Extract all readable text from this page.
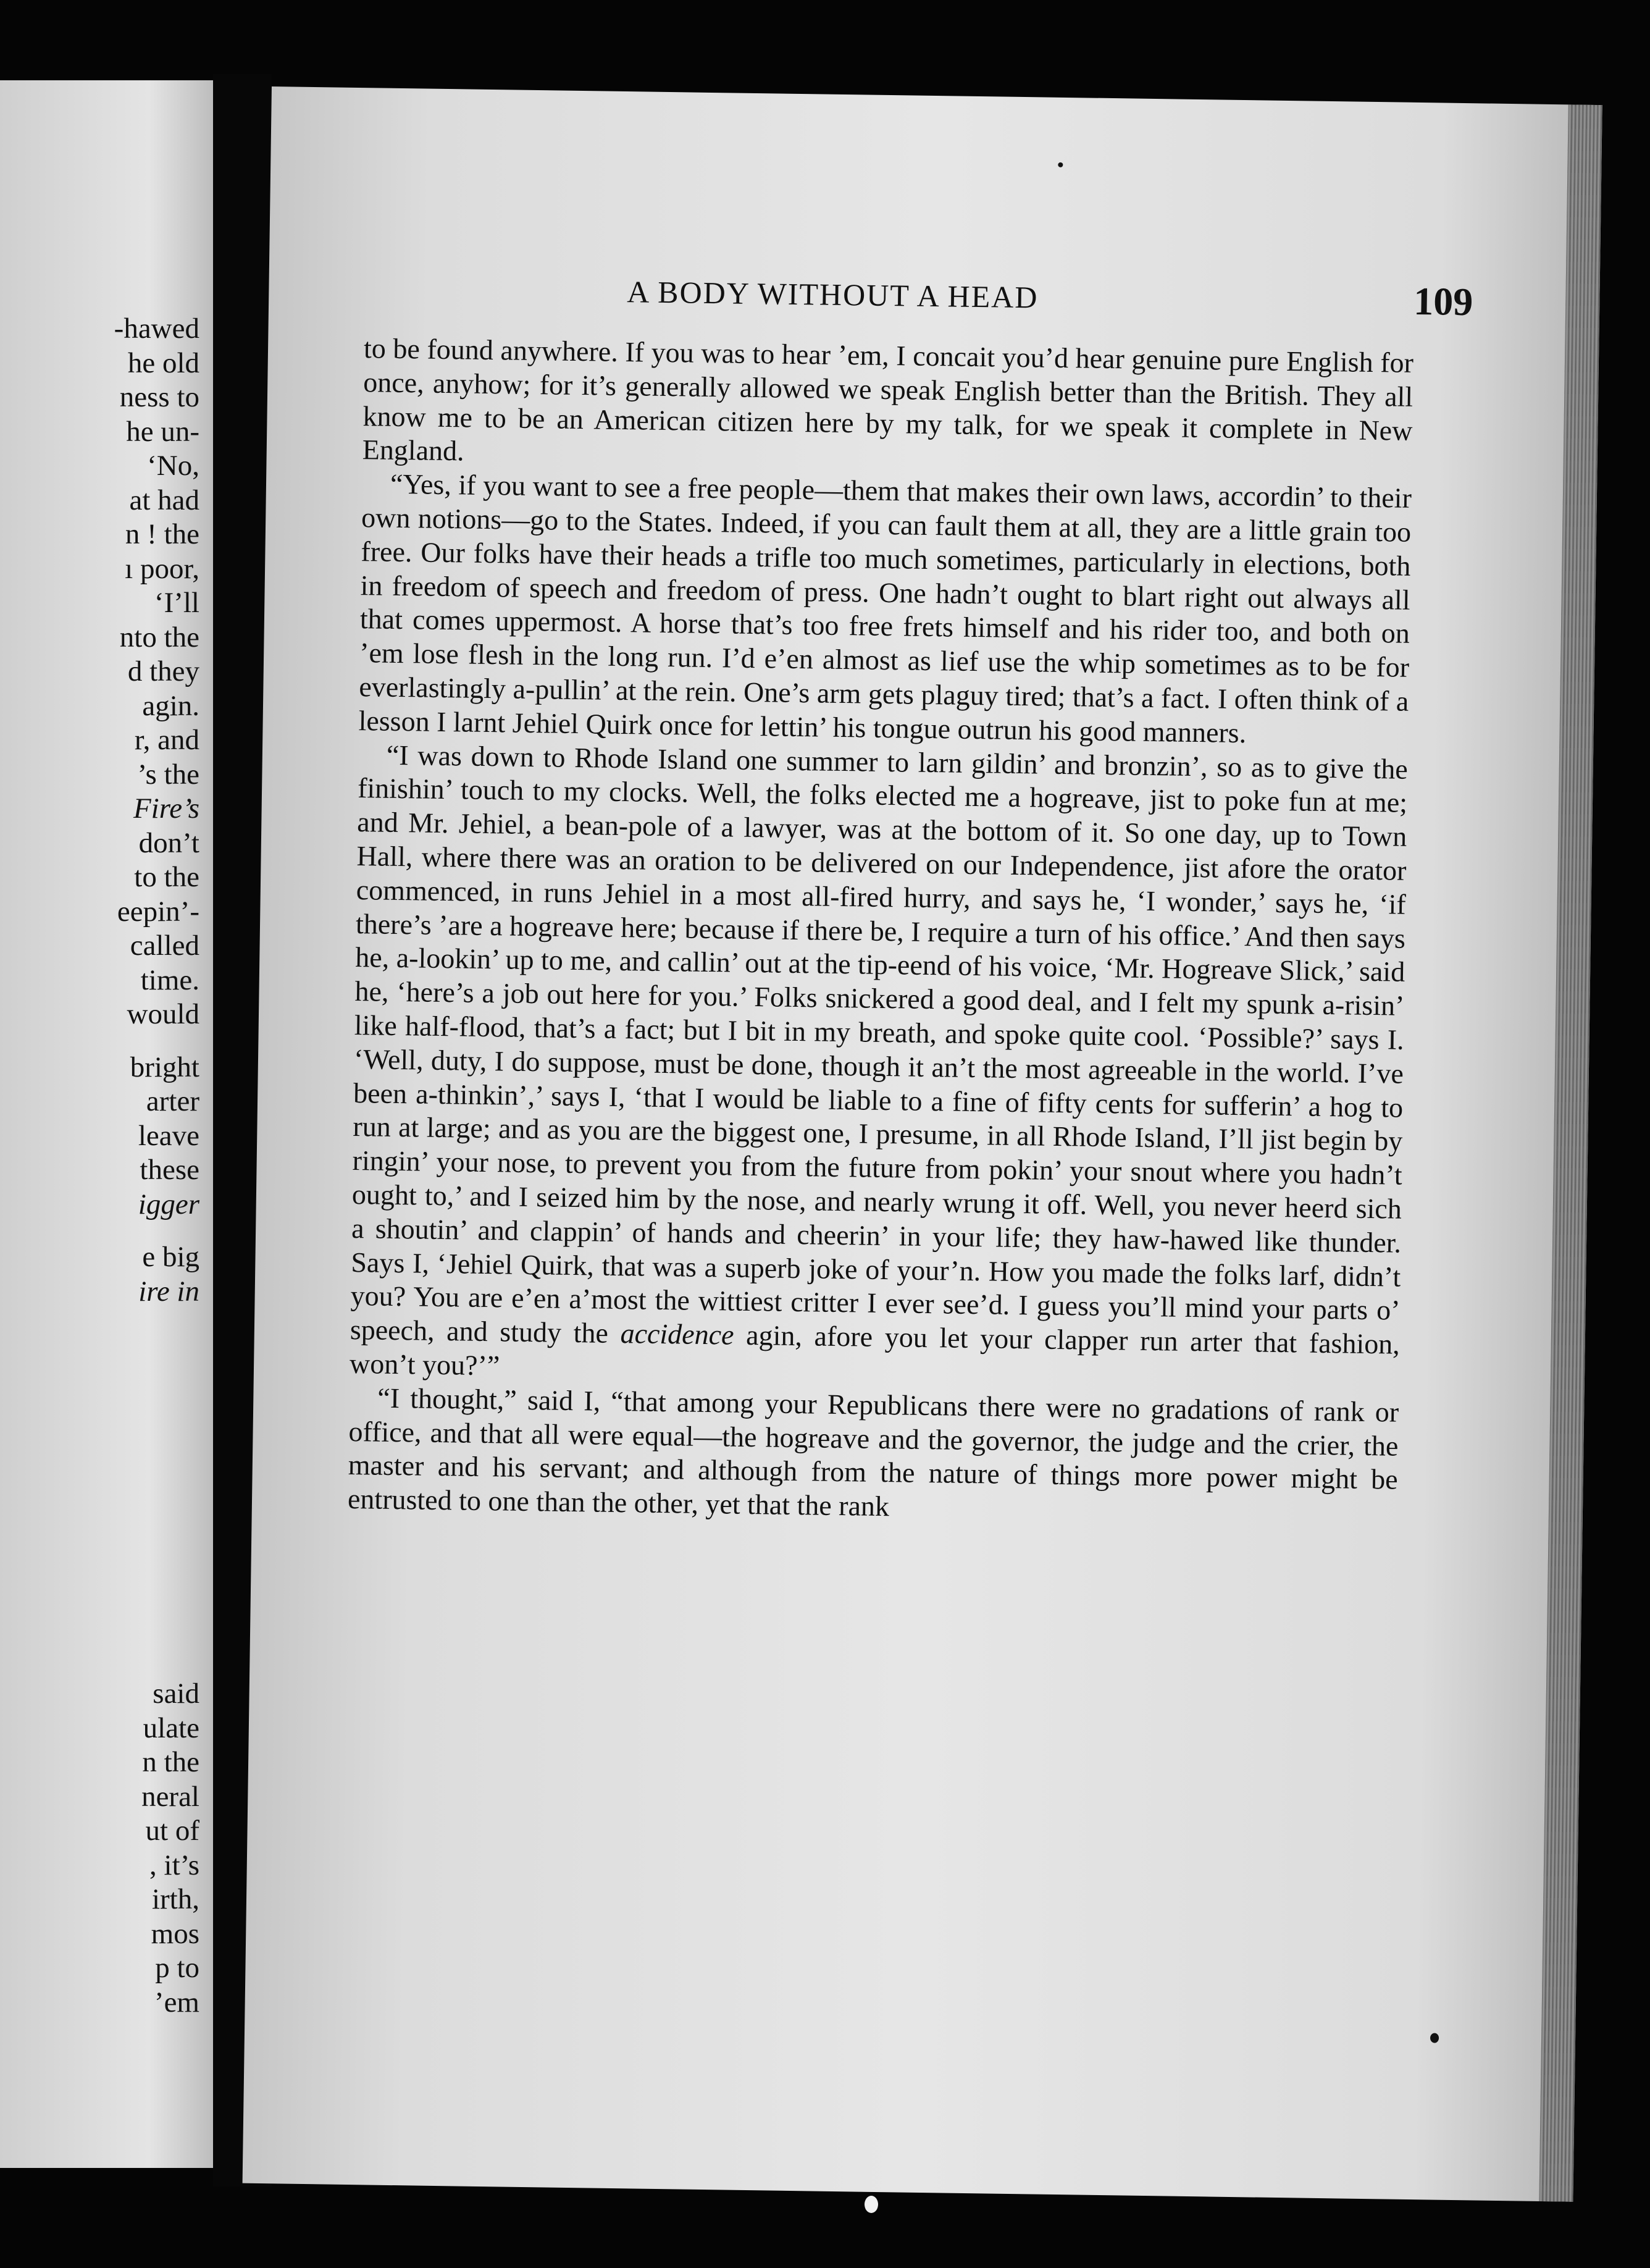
-hawed
he old
ness to
he un-
‘No,
at had
n ! the
ı poor,
‘I’ll
nto the
d they
agin.
r, and
’s the
Fire’s
don’t
to the
eepin’-
called
time.
would
bright
arter
leave
these
igger
e big
ire in
said
ulate
n the
neral
ut of
, it’s
irth,
mos
p to
’em
A BODY WITHOUT A HEAD	109

to be found anywhere. If you was to hear ’em, I concait you’d hear genuine pure English for once, anyhow; for it’s generally allowed we speak English better than the British. They all know me to be an American citizen here by my talk, for we speak it complete in New England.

“Yes, if you want to see a free people—them that makes their own laws, accordin’ to their own notions—go to the States. Indeed, if you can fault them at all, they are a little grain too free. Our folks have their heads a trifle too much sometimes, particularly in elections, both in freedom of speech and freedom of press. One hadn’t ought to blart right out always all that comes uppermost. A horse that’s too free frets himself and his rider too, and both on ’em lose flesh in the long run. I’d e’en almost as lief use the whip sometimes as to be for everlastingly a-pullin’ at the rein. One’s arm gets plaguy tired; that’s a fact. I often think of a lesson I larnt Jehiel Quirk once for lettin’ his tongue outrun his good manners.

“I was down to Rhode Island one summer to larn gildin’ and bronzin’, so as to give the finishin’ touch to my clocks. Well, the folks elected me a hogreave, jist to poke fun at me; and Mr. Jehiel, a bean-pole of a lawyer, was at the bottom of it. So one day, up to Town Hall, where there was an oration to be delivered on our Independence, jist afore the orator commenced, in runs Jehiel in a most all-fired hurry, and says he, ‘I wonder,’ says he, ‘if there’s ’are a hogreave here; because if there be, I require a turn of his office.’ And then says he, a-lookin’ up to me, and callin’ out at the tip-eend of his voice, ‘Mr. Hogreave Slick,’ said he, ‘here’s a job out here for you.’ Folks snickered a good deal, and I felt my spunk a-risin’ like half-flood, that’s a fact; but I bit in my breath, and spoke quite cool. ‘Possible?’ says I. ‘Well, duty, I do suppose, must be done, though it an’t the most agreeable in the world. I’ve been a-thinkin’,’ says I, ‘that I would be liable to a fine of fifty cents for sufferin’ a hog to run at large; and as you are the biggest one, I presume, in all Rhode Island, I’ll jist begin by ringin’ your nose, to prevent you from the future from pokin’ your snout where you hadn’t ought to,’ and I seized him by the nose, and nearly wrung it off. Well, you never heerd sich a shoutin’ and clappin’ of hands and cheerin’ in your life; they haw-hawed like thunder. Says I, ‘Jehiel Quirk, that was a superb joke of your’n. How you made the folks larf, didn’t you? You are e’en a’most the wittiest critter I ever see’d. I guess you’ll mind your parts o’ speech, and study the accidence agin, afore you let your clapper run arter that fashion, won’t you?’”

“I thought,” said I, “that among your Republicans there were no gradations of rank or office, and that all were equal—the hogreave and the governor, the judge and the crier, the master and his servant; and although from the nature of things more power might be entrusted to one than the other, yet that the rank
